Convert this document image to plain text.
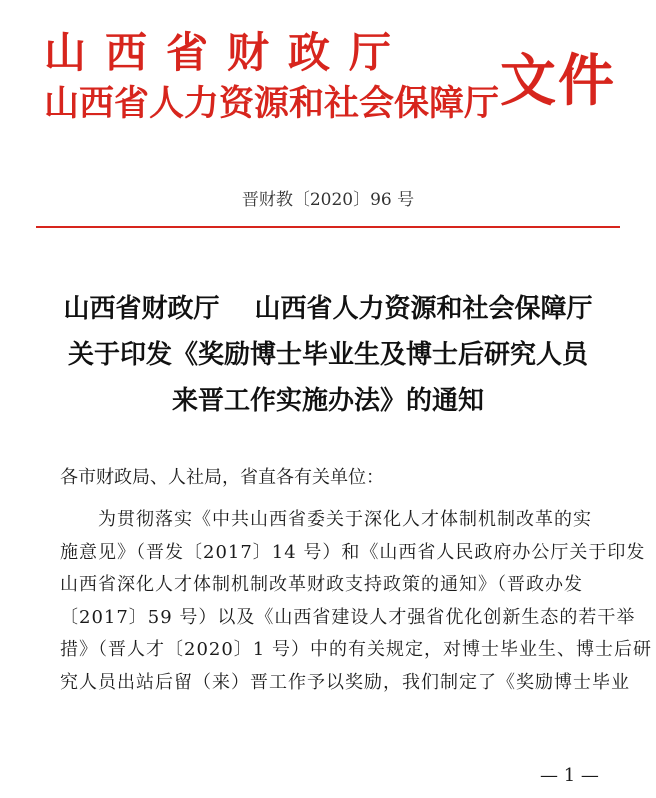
山西省财政厅
山西省人力资源和社会保障厅 文件
晋财教〔2020〕96 号
山西省财政厅　 山西省人力资源和社会保障厅
关于印发《奖励博士毕业生及博士后研究人员
来晋工作实施办法》的通知
各市财政局、人社局，省直各有关单位：
　　为贯彻落实《中共山西省委关于深化人才体制机制改革的实
施意见》（晋发〔2017〕14 号）和《山西省人民政府办公厅关于印发
山西省深化人才体制机制改革财政支持政策的通知》（晋政办发
〔2017〕59 号）以及《山西省建设人才强省优化创新生态的若干举
措》（晋人才〔2020〕1 号）中的有关规定，对博士毕业生、博士后研
究人员出站后留（来）晋工作予以奖励，我们制定了《奖励博士毕业
— 1 —
